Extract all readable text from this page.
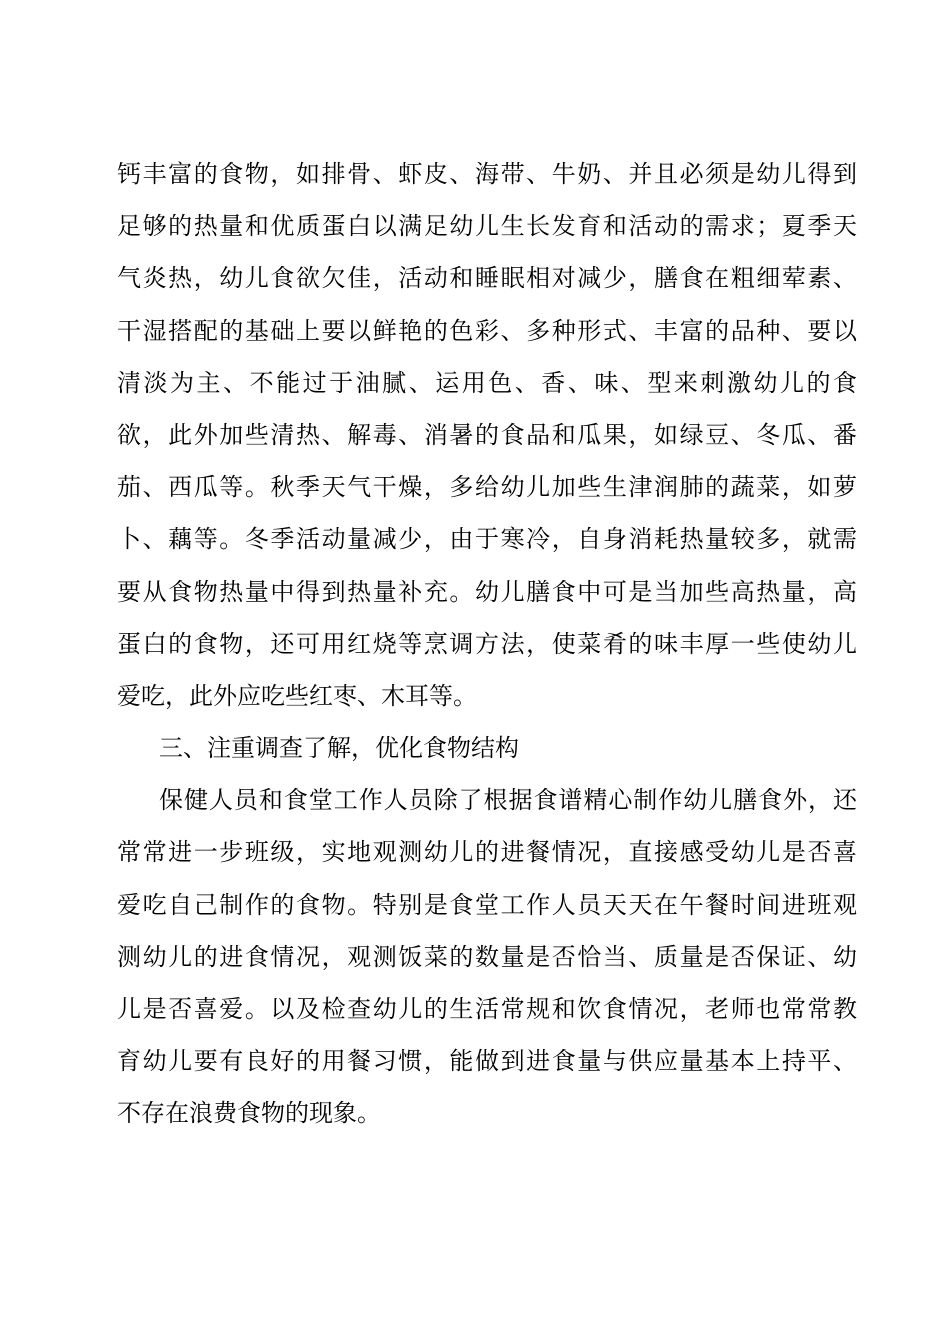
钙丰富的食物，如排骨、虾皮、海带、牛奶、并且必须是幼儿得到
足够的热量和优质蛋白以满足幼儿生长发育和活动的需求；夏季天
气炎热，幼儿食欲欠佳，活动和睡眠相对减少，膳食在粗细荤素、
干湿搭配的基础上要以鲜艳的色彩、多种形式、丰富的品种、要以
清淡为主、不能过于油腻、运用色、香、味、型来刺激幼儿的食
欲，此外加些清热、解毒、消暑的食品和瓜果，如绿豆、冬瓜、番
茄、西瓜等。秋季天气干燥，多给幼儿加些生津润肺的蔬菜，如萝
卜、藕等。冬季活动量减少，由于寒冷，自身消耗热量较多，就需
要从食物热量中得到热量补充。幼儿膳食中可是当加些高热量，高
蛋白的食物，还可用红烧等烹调方法，使菜肴的味丰厚一些使幼儿
爱吃，此外应吃些红枣、木耳等。
三、注重调查了解，优化食物结构
保健人员和食堂工作人员除了根据食谱精心制作幼儿膳食外，还
常常进一步班级，实地观测幼儿的进餐情况，直接感受幼儿是否喜
爱吃自己制作的食物。特别是食堂工作人员天天在午餐时间进班观
测幼儿的进食情况，观测饭菜的数量是否恰当、质量是否保证、幼
儿是否喜爱。以及检查幼儿的生活常规和饮食情况，老师也常常教
育幼儿要有良好的用餐习惯，能做到进食量与供应量基本上持平、
不存在浪费食物的现象。
